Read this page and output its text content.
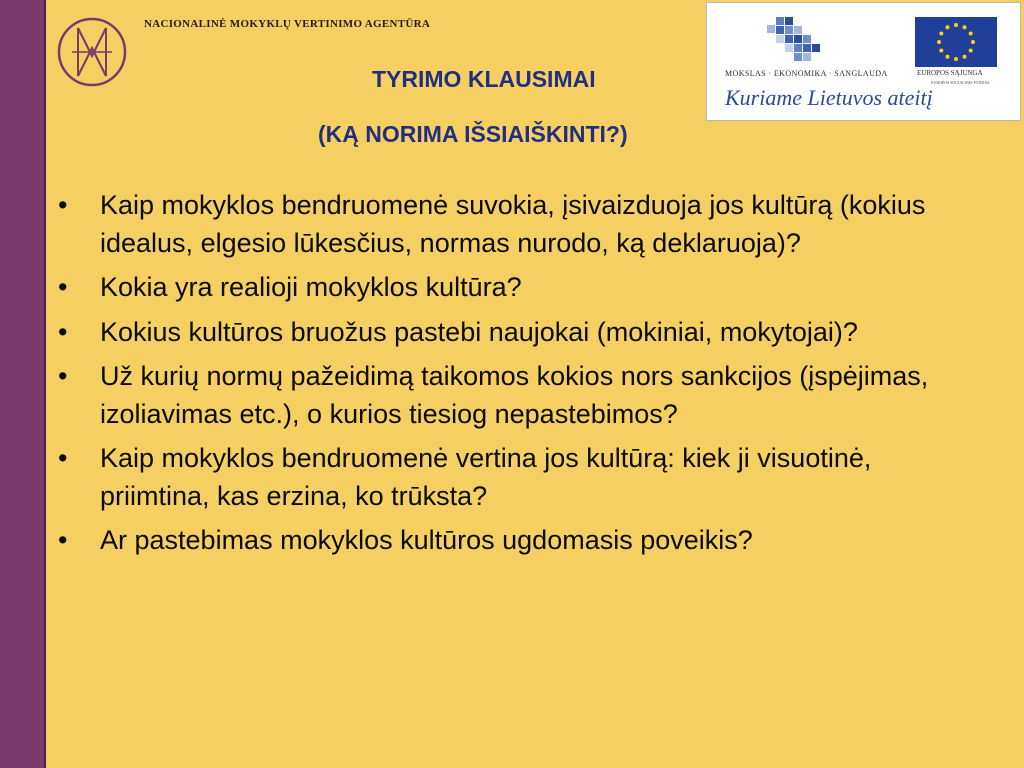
NACIONALINĖ MOKYKLŲ VERTINIMO AGENTŪRA
TYRIMO KLAUSIMAI
(KĄ NORIMA IŠSIAIŠKINTI?)
MOKSLAS · EKONOMIKA · SANGLAUDA	EUROPOS SĄJUNGA
EUROPOS SOCIALINIS FONDAS
Kuriame Lietuvos ateitį
• Kaip mokyklos bendruomenė suvokia, įsivaizduoja jos kultūrą (kokius idealus, elgesio lūkesčius, normas nurodo, ką deklaruoja)?
• Kokia yra realioji mokyklos kultūra?
• Kokius kultūros bruožus pastebi naujokai (mokiniai, mokytojai)?
• Už kurių normų pažeidimą taikomos kokios nors sankcijos (įspėjimas, izoliavimas etc.), o kurios tiesiog nepastebimos?
• Kaip mokyklos bendruomenė vertina jos kultūrą: kiek ji visuotinė, priimtina, kas erzina, ko trūksta?
• Ar pastebimas mokyklos kultūros ugdomasis poveikis?
